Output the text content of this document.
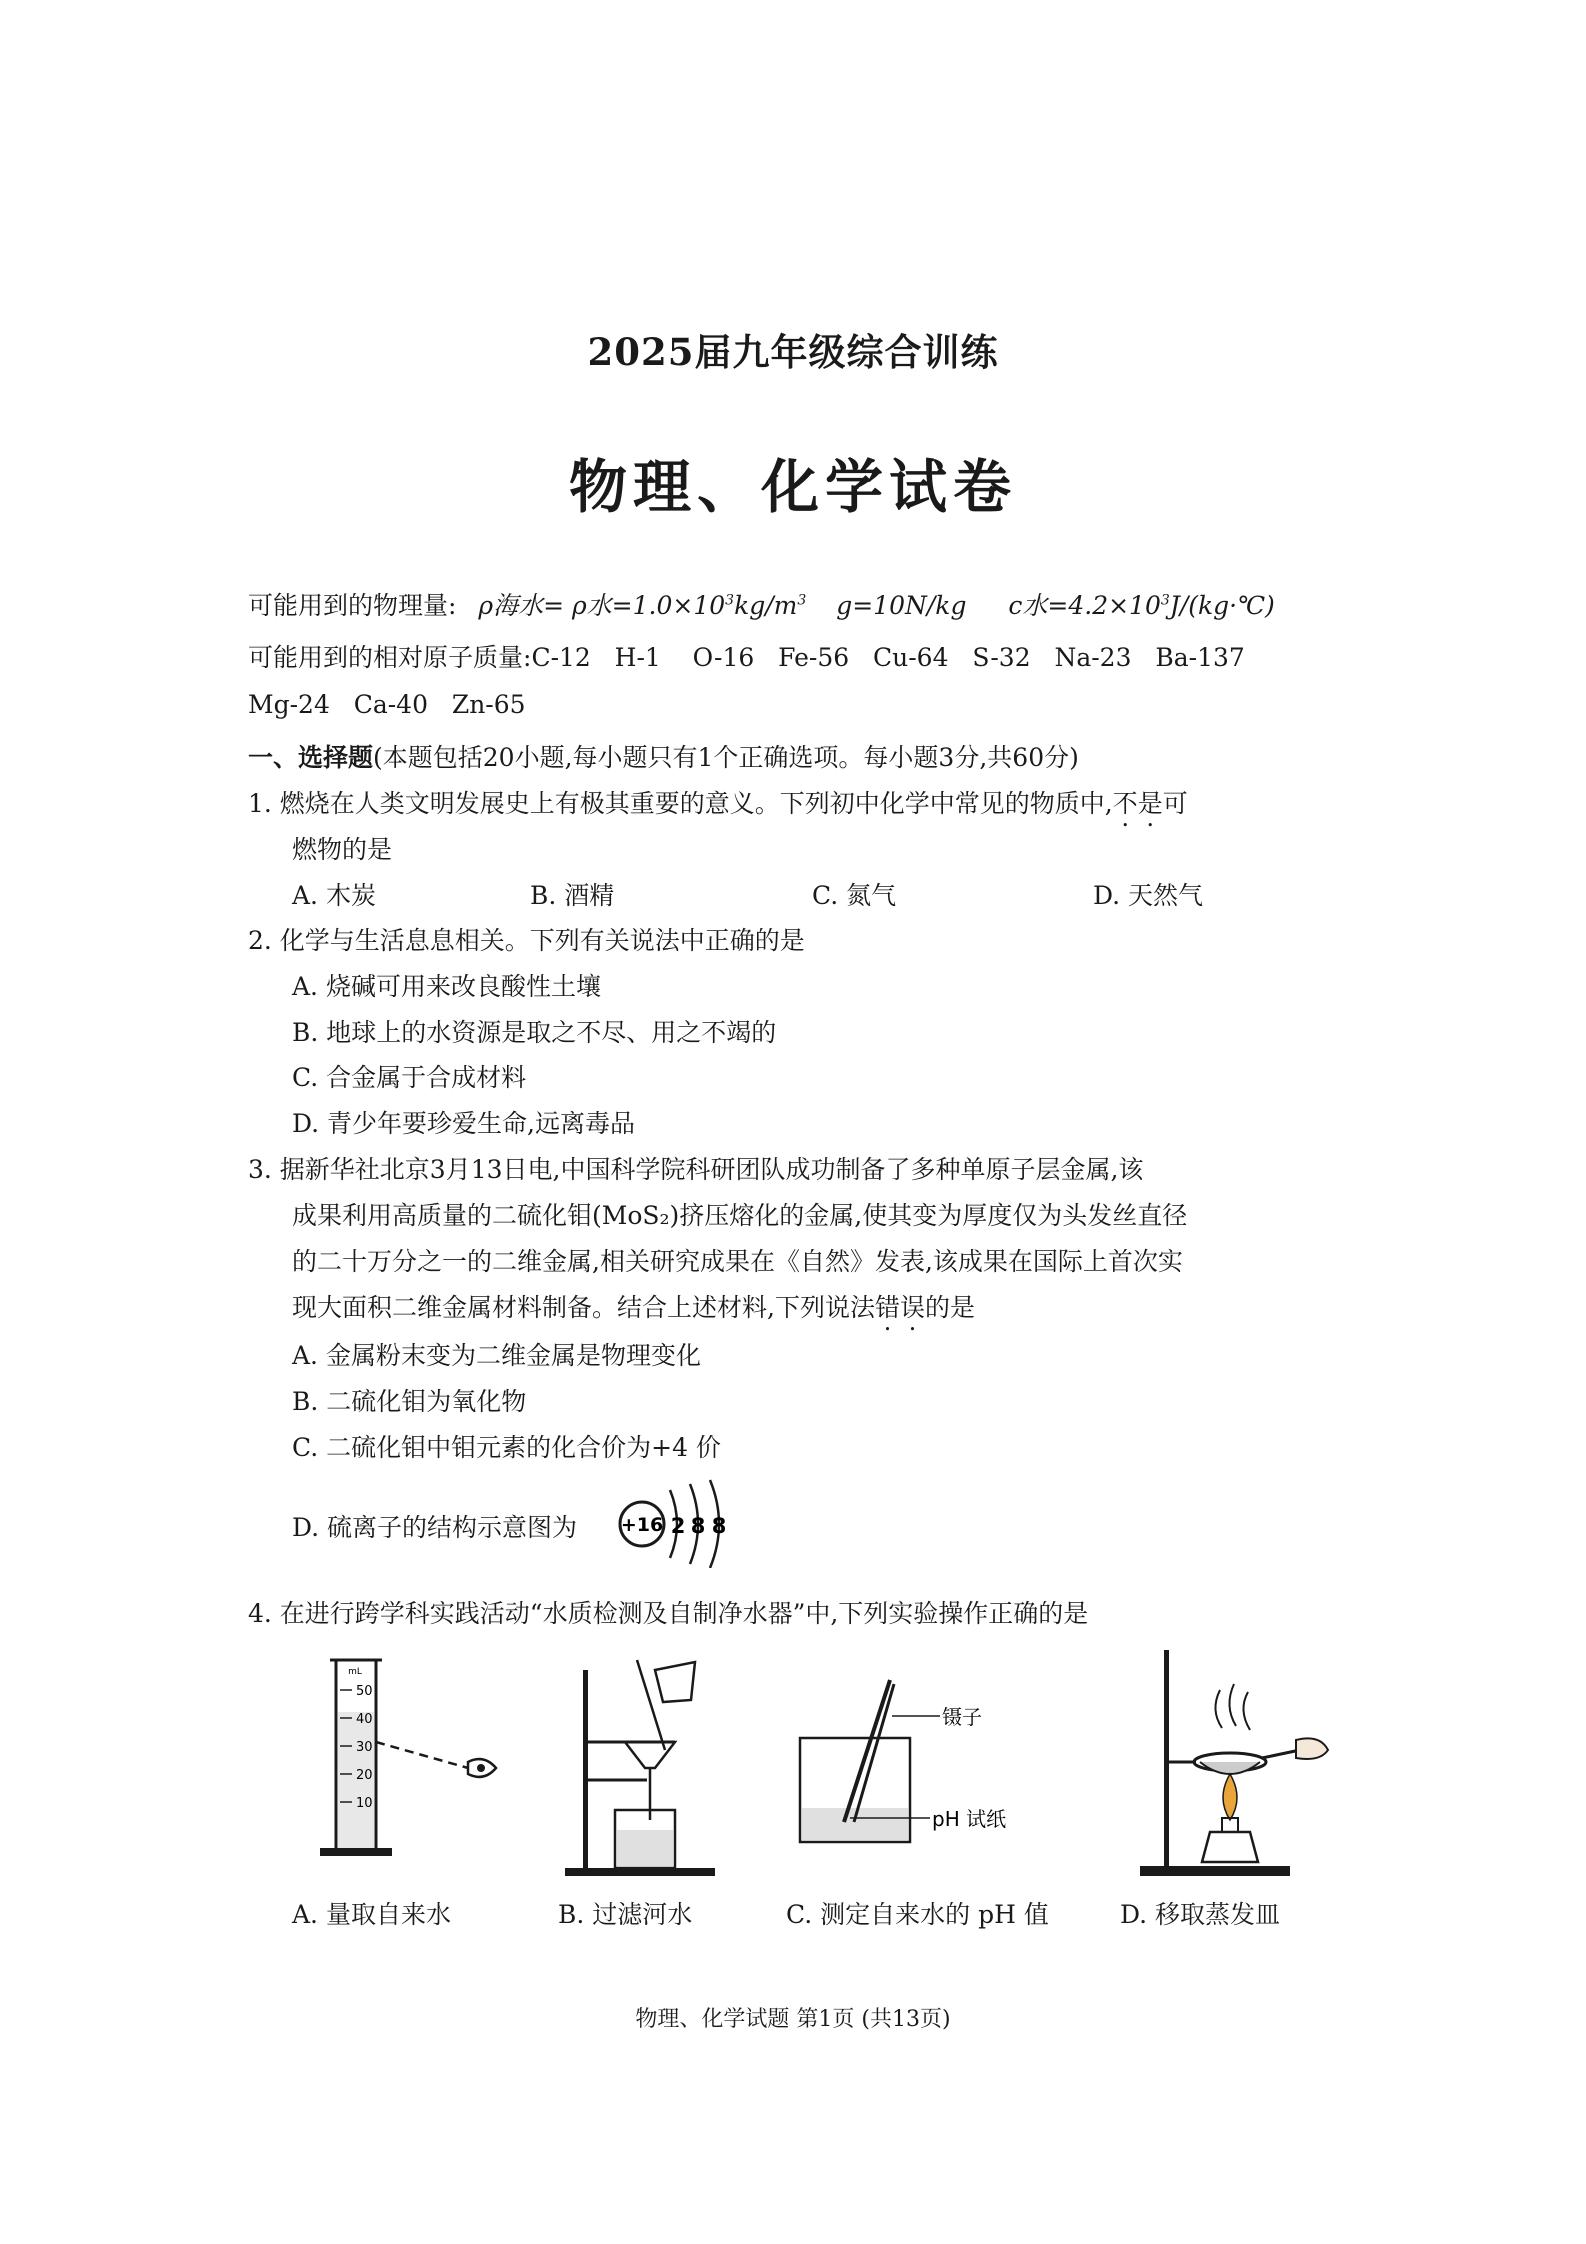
2025届九年级综合训练
物理、化学试卷
可能用到的物理量: ρ海水= ρ水$=1.0\times 10^3kg/m^3$ g=10N/kg c水$=4.2\times 10^3J/(kg\cdot℃)$
可能用到的相对原子质量:C-12   H-1    O-16   Fe-56   Cu-64   S-32   Na-23   Ba-137
Mg-24   Ca-40   Zn-65
一、选择题(本题包括20小题,每小题只有1个正确选项。每小题3分,共60分)
1. 燃烧在人类文明发展史上有极其重要的意义。下列初中化学中常见的物质中,不是可
燃物的是
A. 木炭	B. 酒精	C. 氮气	D. 天然气
2. 化学与生活息息相关。下列有关说法中正确的是
A. 烧碱可用来改良酸性土壤
B. 地球上的水资源是取之不尽、用之不竭的
C. 合金属于合成材料
D. 青少年要珍爱生命,远离毒品
3. 据新华社北京3月13日电,中国科学院科研团队成功制备了多种单原子层金属,该
成果利用高质量的二硫化钼(MoS₂)挤压熔化的金属,使其变为厚度仅为头发丝直径
的二十万分之一的二维金属,相关研究成果在《自然》发表,该成果在国际上首次实
现大面积二维金属材料制备。结合上述材料,下列说法错误的是
A. 金属粉末变为二维金属是物理变化
B. 二硫化钼为氧化物
C. 二硫化钼中钼元素的化合价为+4 价
D. 硫离子的结构示意图为 +16 2 8 8
4. 在进行跨学科实践活动“水质检测及自制净水器”中,下列实验操作正确的是
mL
50
40
30
20
10
镊子
pH 试纸
A. 量取自来水	B. 过滤河水	C. 测定自来水的 pH 值	D. 移取蒸发皿
物理、化学试题 第1页 (共13页)
